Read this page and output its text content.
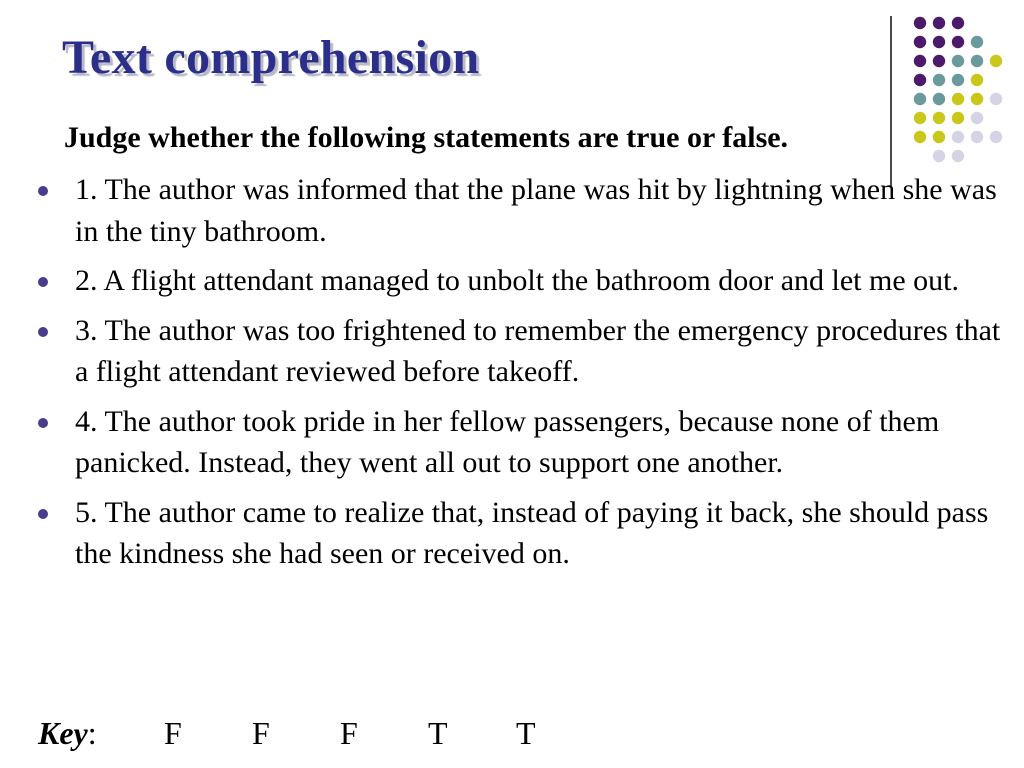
Text comprehension
Judge whether the following statements are true or false.
1. The author was informed that the plane was hit by lightning when she was in the tiny bathroom.
2. A flight attendant managed to unbolt the bathroom door and let me out.
3. The author was too frightened to remember the emergency procedures that a flight attendant reviewed before takeoff.
4. The author took pride in her fellow passengers, because none of them panicked. Instead, they went all out to support one another.
5. The author came to realize that, instead of paying it back, she should pass the kindness she had seen or received on.
Key: F F F T T
